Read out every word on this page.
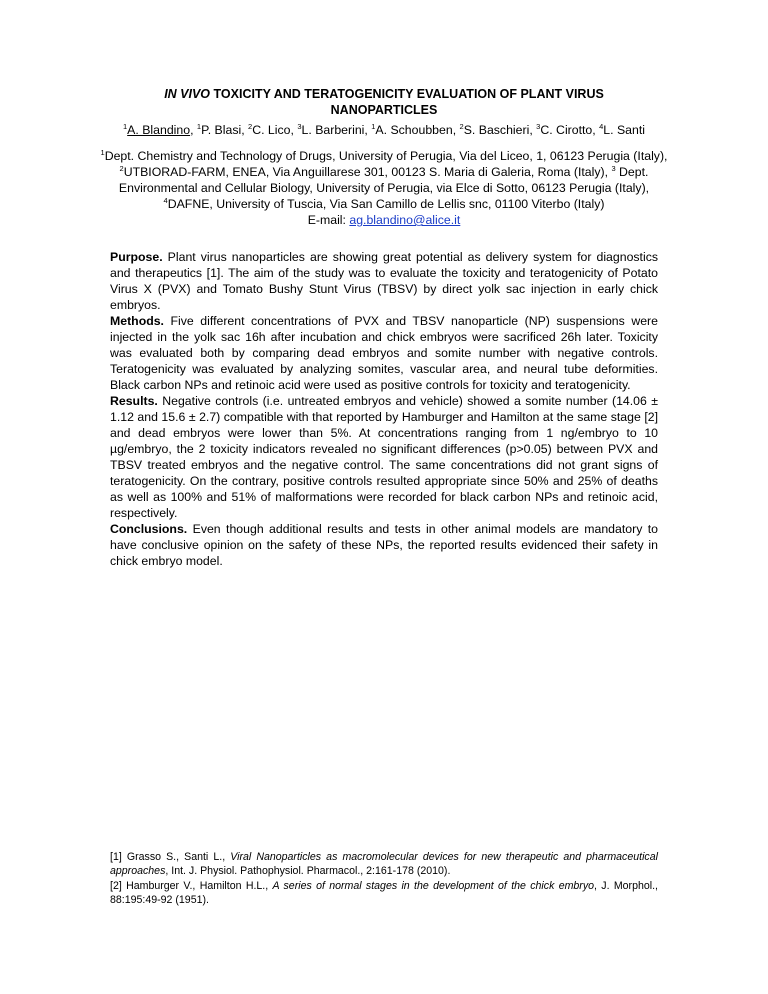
IN VIVO TOXICITY AND TERATOGENICITY EVALUATION OF PLANT VIRUS NANOPARTICLES
$^1$A. Blandino, $^1$P. Blasi, $^2$C. Lico, $^3$L. Barberini, $^1$A. Schoubben, $^2$S. Baschieri, $^3$C. Cirotto, $^4$L. Santi
$^1$Dept. Chemistry and Technology of Drugs, University of Perugia, Via del Liceo, 1, 06123 Perugia (Italy),
$^2$UTBIORAD-FARM, ENEA, Via Anguillarese 301, 00123 S. Maria di Galeria, Roma (Italy), $^3$ Dept.
Environmental and Cellular Biology, University of Perugia, via Elce di Sotto, 06123 Perugia (Italy),
$^4$DAFNE, University of Tuscia, Via San Camillo de Lellis snc, 01100 Viterbo (Italy)
E-mail: ag.blandino@alice.it

Purpose. Plant virus nanoparticles are showing great potential as delivery system for diagnostics and therapeutics [1]. The aim of the study was to evaluate the toxicity and teratogenicity of Potato Virus X (PVX) and Tomato Bushy Stunt Virus (TBSV) by direct yolk sac injection in early chick embryos.

Methods. Five different concentrations of PVX and TBSV nanoparticle (NP) suspensions were injected in the yolk sac 16h after incubation and chick embryos were sacrificed 26h later. Toxicity was evaluated both by comparing dead embryos and somite number with negative controls. Teratogenicity was evaluated by analyzing somites, vascular area, and neural tube deformities. Black carbon NPs and retinoic acid were used as positive controls for toxicity and teratogenicity.

Results. Negative controls (i.e. untreated embryos and vehicle) showed a somite number (14.06 ± 1.12 and 15.6 ± 2.7) compatible with that reported by Hamburger and Hamilton at the same stage [2] and dead embryos were lower than 5%. At concentrations ranging from 1 ng/embryo to 10 µg/embryo, the 2 toxicity indicators revealed no significant differences (p>0.05) between PVX and TBSV treated embryos and the negative control. The same concentrations did not grant signs of teratogenicity. On the contrary, positive controls resulted appropriate since 50% and 25% of deaths as well as 100% and 51% of malformations were recorded for black carbon NPs and retinoic acid, respectively.

Conclusions. Even though additional results and tests in other animal models are mandatory to have conclusive opinion on the safety of these NPs, the reported results evidenced their safety in chick embryo model.

[1] Grasso S., Santi L., Viral Nanoparticles as macromolecular devices for new therapeutic and pharmaceutical approaches, Int. J. Physiol. Pathophysiol. Pharmacol., 2:161-178 (2010).

[2] Hamburger V., Hamilton H.L., A series of normal stages in the development of the chick embryo, J. Morphol., 88:195:49-92 (1951).
